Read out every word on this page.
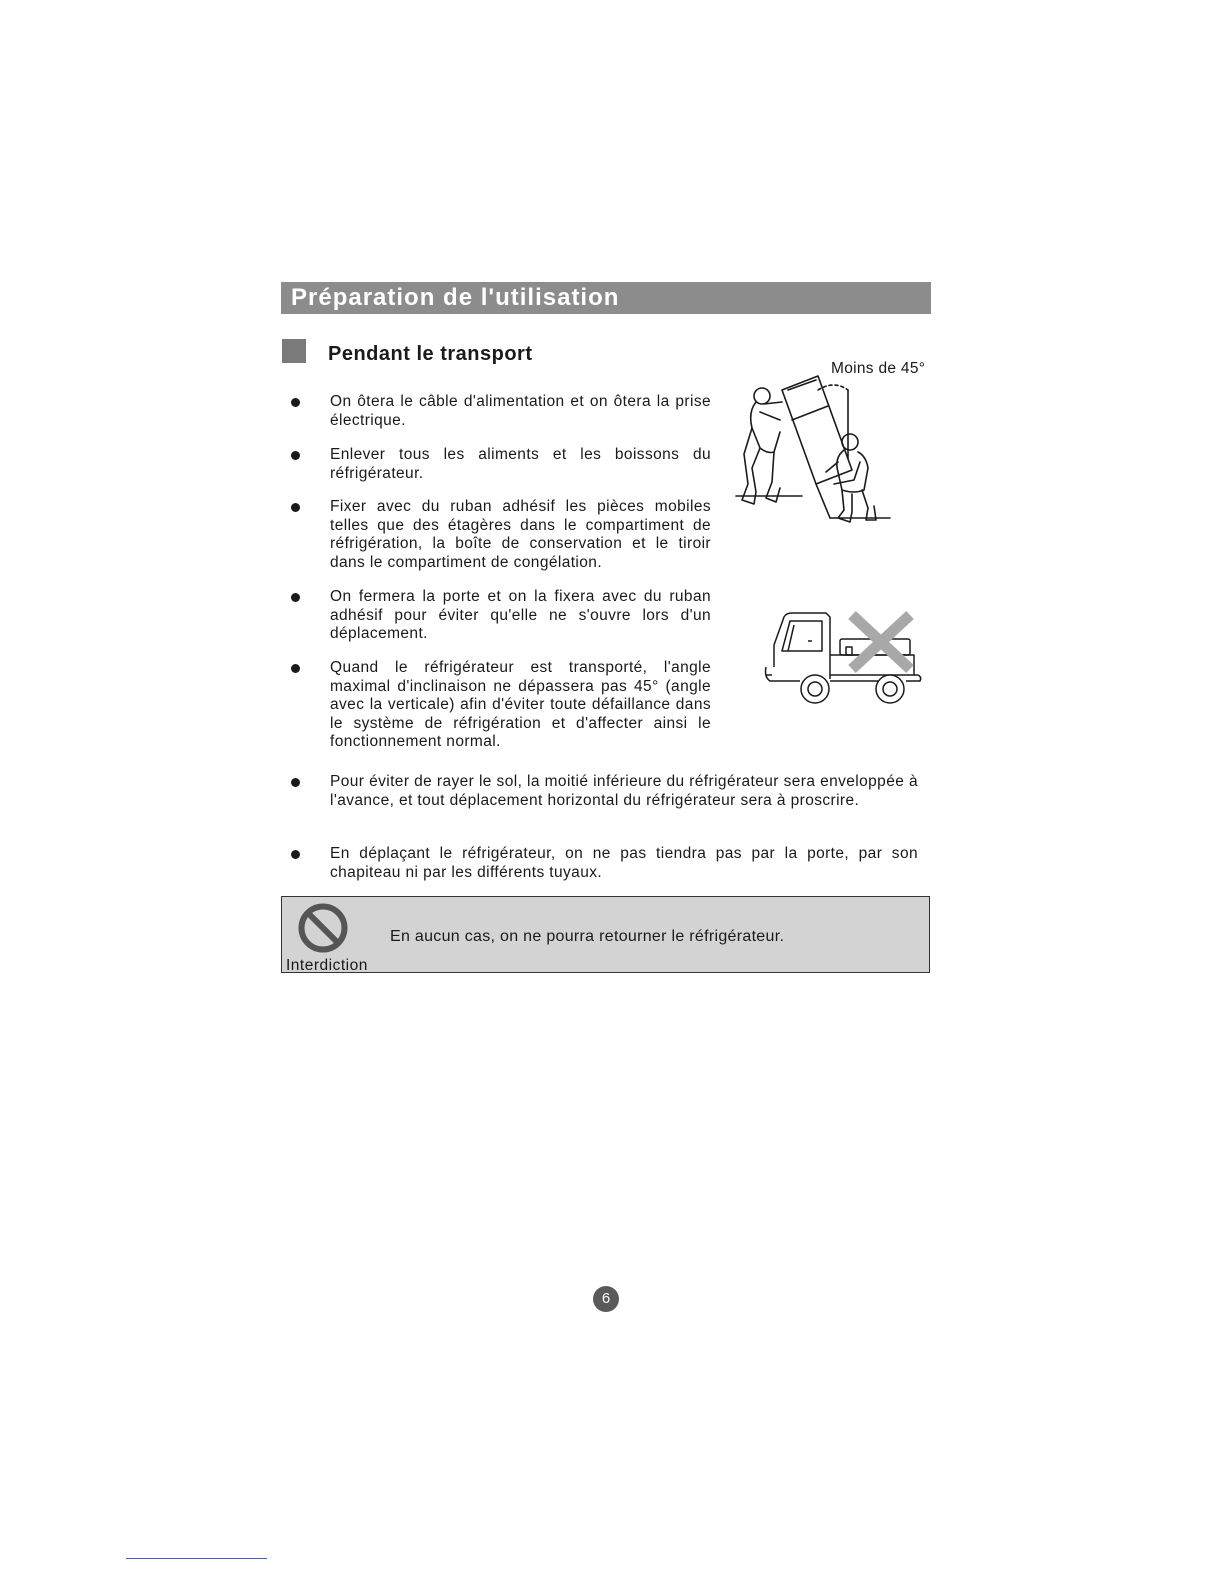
Préparation de l'utilisation
Pendant le transport
Moins de 45°
On ôtera le câble d'alimentation et on ôtera la prise électrique.
Enlever tous les aliments et les boissons du réfrigérateur.
Fixer avec du ruban adhésif les pièces mobiles telles que des étagères dans le compartiment de réfrigération, la boîte de conservation et le tiroir dans le compartiment de congélation.
On fermera la porte et on la fixera avec du ruban adhésif pour éviter qu'elle ne s'ouvre lors d'un déplacement.
Quand le réfrigérateur est transporté, l'angle maximal d'inclinaison ne dépassera pas 45° (angle avec la verticale) afin d'éviter toute défaillance dans le système de réfrigération et d'affecter ainsi le fonctionnement normal.
Pour éviter de rayer le sol, la moitié inférieure du réfrigérateur sera enveloppée à l'avance, et tout déplacement horizontal du réfrigérateur sera à proscrire.
En déplaçant le réfrigérateur, on ne pas tiendra pas par la porte, par son chapiteau ni par les différents tuyaux.
En aucun cas, on ne pourra retourner le réfrigérateur.
Interdiction
6
